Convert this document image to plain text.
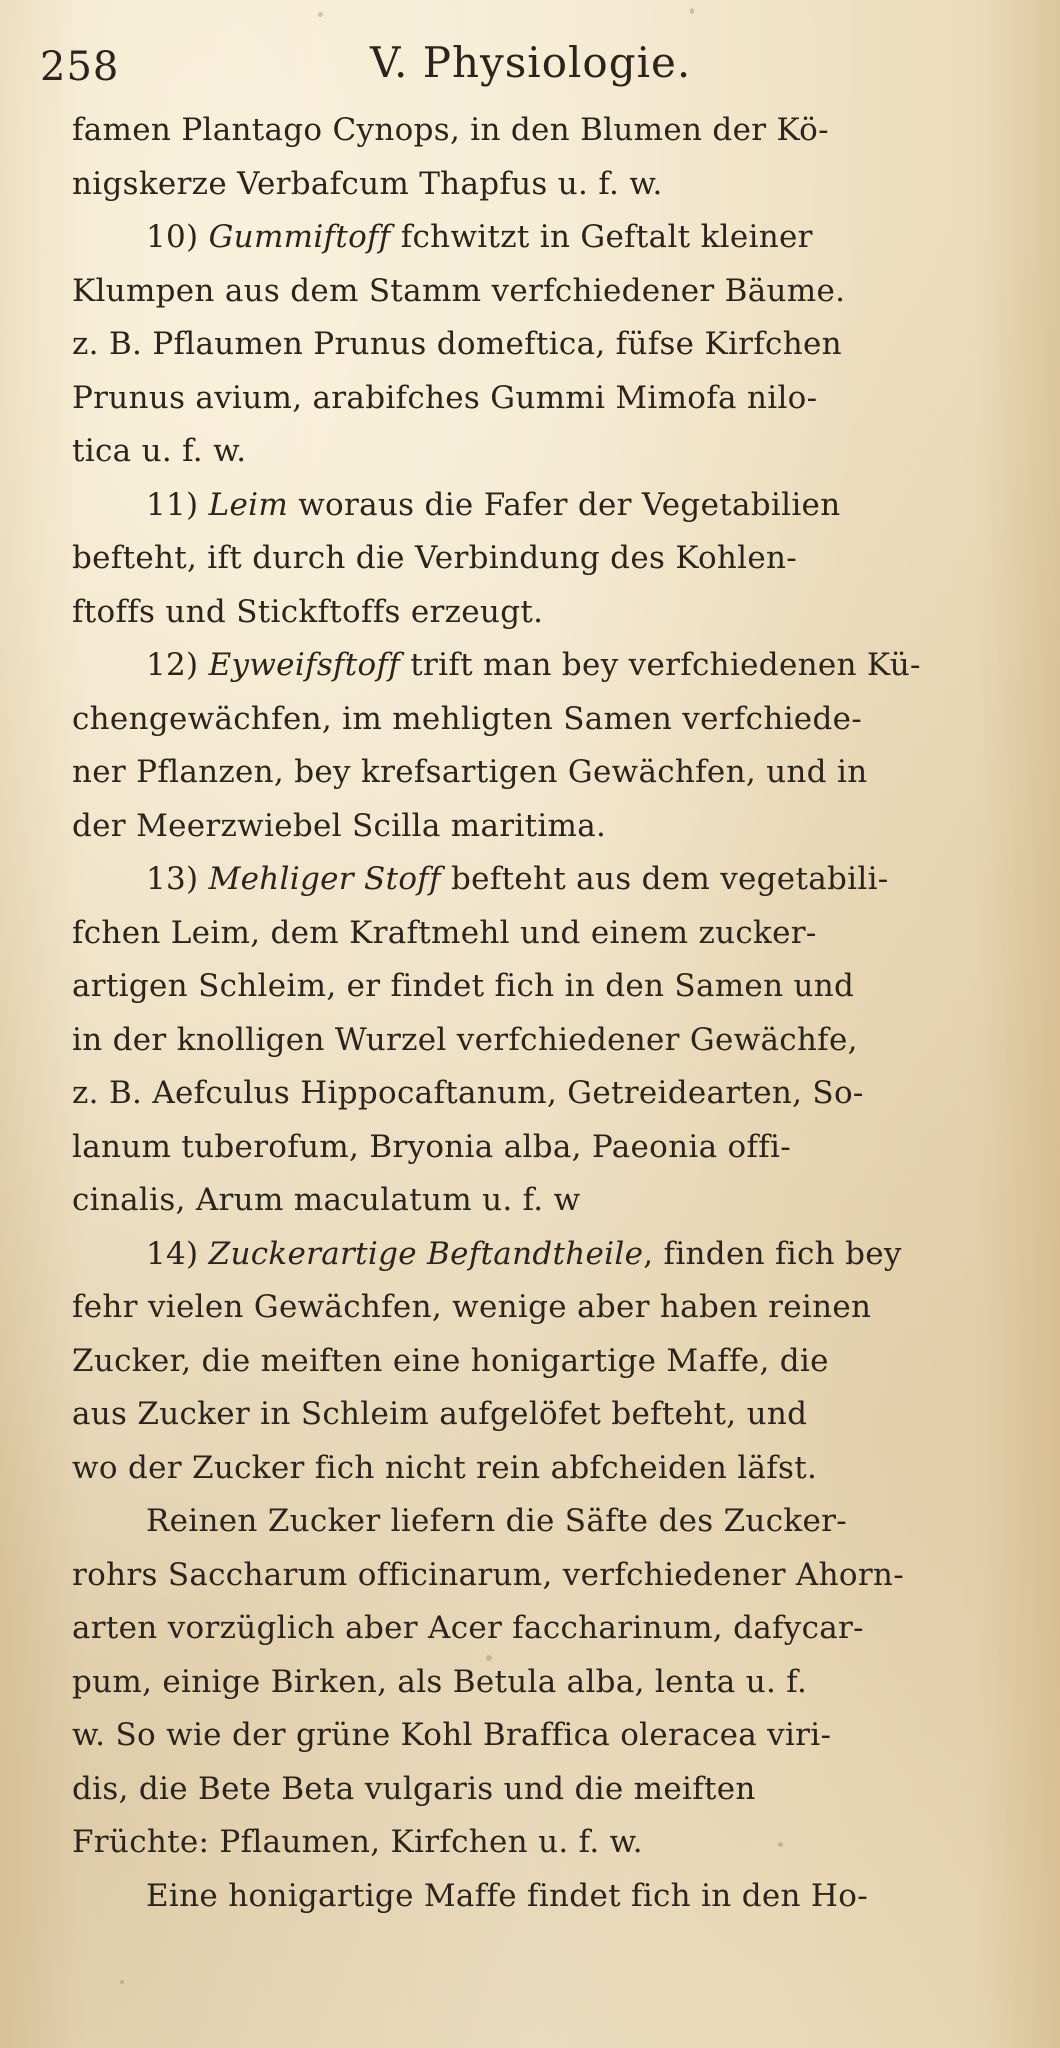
258	V. Physiologie.
famen Plantago Cynops, in den Blumen der Kö-
nigskerze Verbafcum Thapfus u. f. w.
10) Gummiftoff fchwitzt in Geftalt kleiner
Klumpen aus dem Stamm verfchiedener Bäume.
z. B. Pflaumen Prunus domeftica, füfse Kirfchen
Prunus avium, arabifches Gummi Mimofa nilo-
tica u. f. w.
11) Leim woraus die Fafer der Vegetabilien
befteht, ift durch die Verbindung des Kohlen-
ftoffs und Stickftoffs erzeugt.
12) Eyweifsftoff trift man bey verfchiedenen Kü-
chengewächfen, im mehligten Samen verfchiede-
ner Pflanzen, bey krefsartigen Gewächfen, und in
der Meerzwiebel Scilla maritima.
13) Mehliger Stoff befteht aus dem vegetabili-
fchen Leim, dem Kraftmehl und einem zucker-
artigen Schleim, er findet fich in den Samen und
in der knolligen Wurzel verfchiedener Gewächfe,
z. B. Aefculus Hippocaftanum, Getreidearten, So-
lanum tuberofum, Bryonia alba, Paeonia offi-
cinalis, Arum maculatum u. f. w
14) Zuckerartige Beftandtheile, finden fich bey
fehr vielen Gewächfen, wenige aber haben reinen
Zucker, die meiften eine honigartige Maffe, die
aus Zucker in Schleim aufgelöfet befteht, und
wo der Zucker fich nicht rein abfcheiden läfst.
Reinen Zucker liefern die Säfte des Zucker-
rohrs Saccharum officinarum, verfchiedener Ahorn-
arten vorzüglich aber Acer faccharinum, dafycar-
pum, einige Birken, als Betula alba, lenta u. f.
w. So wie der grüne Kohl Braffica oleracea viri-
dis, die Bete Beta vulgaris und die meiften
Früchte: Pflaumen, Kirfchen u. f. w.
Eine honigartige Maffe findet fich in den Ho-
